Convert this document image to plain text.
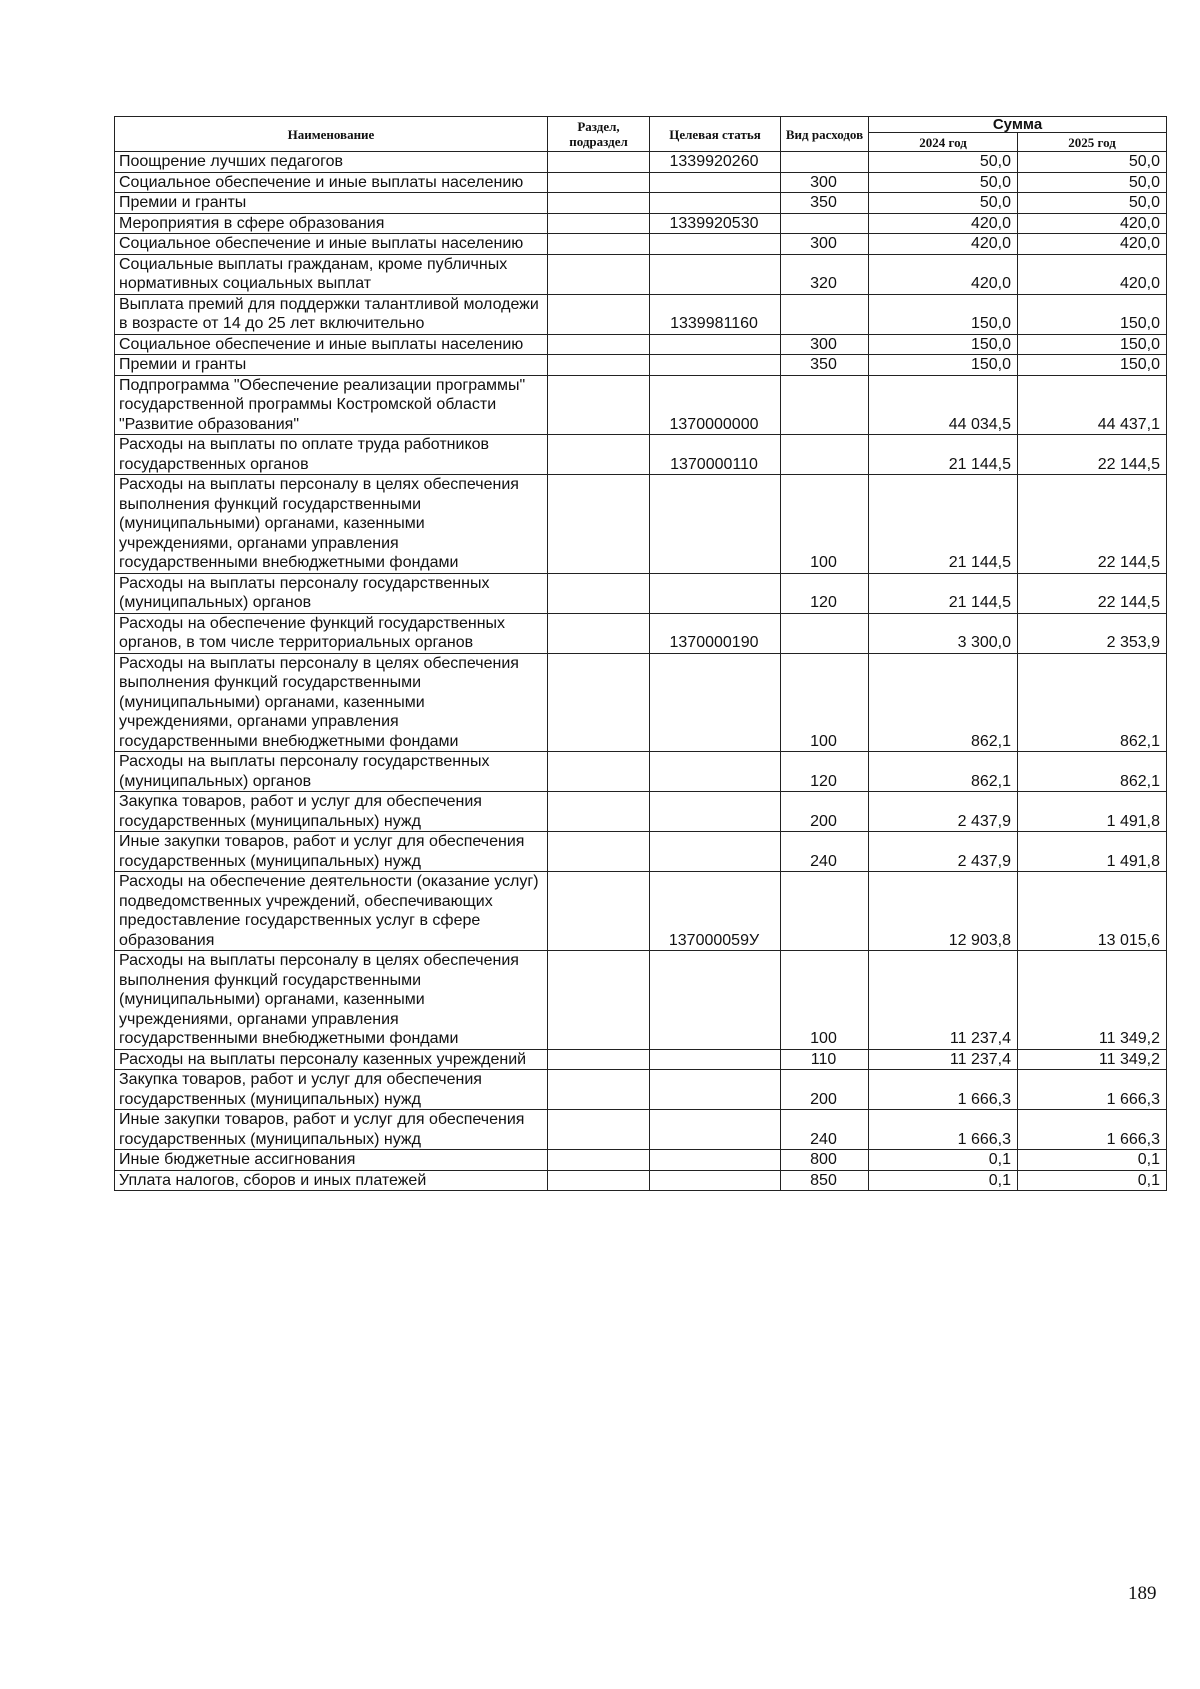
Наименование	Раздел, подраздел	Целевая статья	Вид расходов	Сумма	
				2024 год	2025 год
Поощрение лучших педагогов		1339920260		50,0	50,0
Социальное обеспечение и иные выплаты населению			300	50,0	50,0
Премии и гранты			350	50,0	50,0
Мероприятия в сфере образования		1339920530		420,0	420,0
Социальное обеспечение и иные выплаты населению			300	420,0	420,0
Социальные выплаты гражданам, кроме публичных нормативных социальных выплат			320	420,0	420,0
Выплата премий для поддержки талантливой молодежи в возрасте от 14 до 25 лет включительно		1339981160		150,0	150,0
Социальное обеспечение и иные выплаты населению			300	150,0	150,0
Премии и гранты			350	150,0	150,0
Подпрограмма "Обеспечение реализации программы" государственной программы Костромской области "Развитие образования"		1370000000		44 034,5	44 437,1
Расходы на выплаты по оплате труда работников государственных органов		1370000110		21 144,5	22 144,5
Расходы на выплаты персоналу в целях обеспечения выполнения функций государственными (муниципальными) органами, казенными учреждениями, органами управления государственными внебюджетными фондами			100	21 144,5	22 144,5
Расходы на выплаты персоналу государственных (муниципальных) органов			120	21 144,5	22 144,5
Расходы на обеспечение функций государственных органов, в том числе территориальных органов		1370000190		3 300,0	2 353,9
Расходы на выплаты персоналу в целях обеспечения выполнения функций государственными (муниципальными) органами, казенными учреждениями, органами управления государственными внебюджетными фондами			100	862,1	862,1
Расходы на выплаты персоналу государственных (муниципальных) органов			120	862,1	862,1
Закупка товаров, работ и услуг для обеспечения государственных (муниципальных) нужд			200	2 437,9	1 491,8
Иные закупки товаров, работ и услуг для обеспечения государственных (муниципальных) нужд			240	2 437,9	1 491,8
Расходы на обеспечение деятельности (оказание услуг) подведомственных учреждений, обеспечивающих предоставление государственных услуг в сфере образования		137000059У		12 903,8	13 015,6
Расходы на выплаты персоналу в целях обеспечения выполнения функций государственными (муниципальными) органами, казенными учреждениями, органами управления государственными внебюджетными фондами			100	11 237,4	11 349,2
Расходы на выплаты персоналу казенных учреждений			110	11 237,4	11 349,2
Закупка товаров, работ и услуг для обеспечения государственных (муниципальных) нужд			200	1 666,3	1 666,3
Иные закупки товаров, работ и услуг для обеспечения государственных (муниципальных) нужд			240	1 666,3	1 666,3
Иные бюджетные ассигнования			800	0,1	0,1
Уплата налогов, сборов и иных платежей			850	0,1	0,1
189
